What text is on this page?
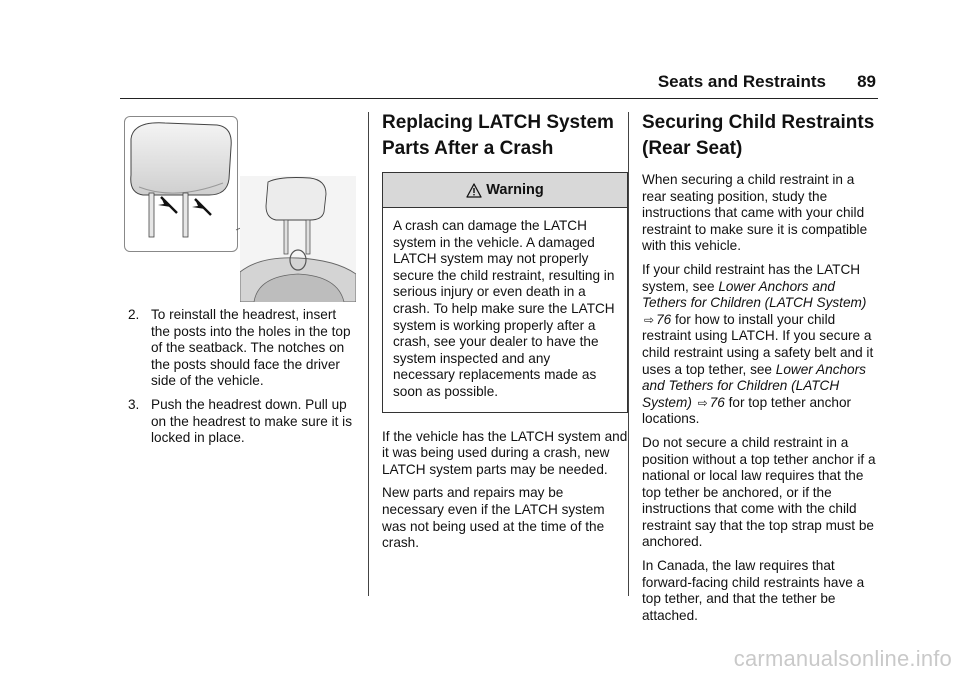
Seats and Restraints 89
2. To reinstall the headrest, insert the posts into the holes in the top of the seatback. The notches on the posts should face the driver side of the vehicle.
3. Push the headrest down. Pull up on the headrest to make sure it is locked in place.
Replacing LATCH System Parts After a Crash
Warning
A crash can damage the LATCH system in the vehicle. A damaged LATCH system may not properly secure the child restraint, resulting in serious injury or even death in a crash. To help make sure the LATCH system is working properly after a crash, see your dealer to have the system inspected and any necessary replacements made as soon as possible.

If the vehicle has the LATCH system and it was being used during a crash, new LATCH system parts may be needed.

New parts and repairs may be necessary even if the LATCH system was not being used at the time of the crash.

Securing Child Restraints (Rear Seat)

When securing a child restraint in a rear seating position, study the instructions that came with your child restraint to make sure it is compatible with this vehicle.

If your child restraint has the LATCH system, see Lower Anchors and Tethers for Children (LATCH System) ⇨ 76 for how to install your child restraint using LATCH. If you secure a child restraint using a safety belt and it uses a top tether, see Lower Anchors and Tethers for Children (LATCH System) ⇨ 76 for top tether anchor locations.

Do not secure a child restraint in a position without a top tether anchor if a national or local law requires that the top tether be anchored, or if the instructions that come with the child restraint say that the top strap must be anchored.

In Canada, the law requires that forward-facing child restraints have a top tether, and that the tether be attached.

carmanualsonline.info
